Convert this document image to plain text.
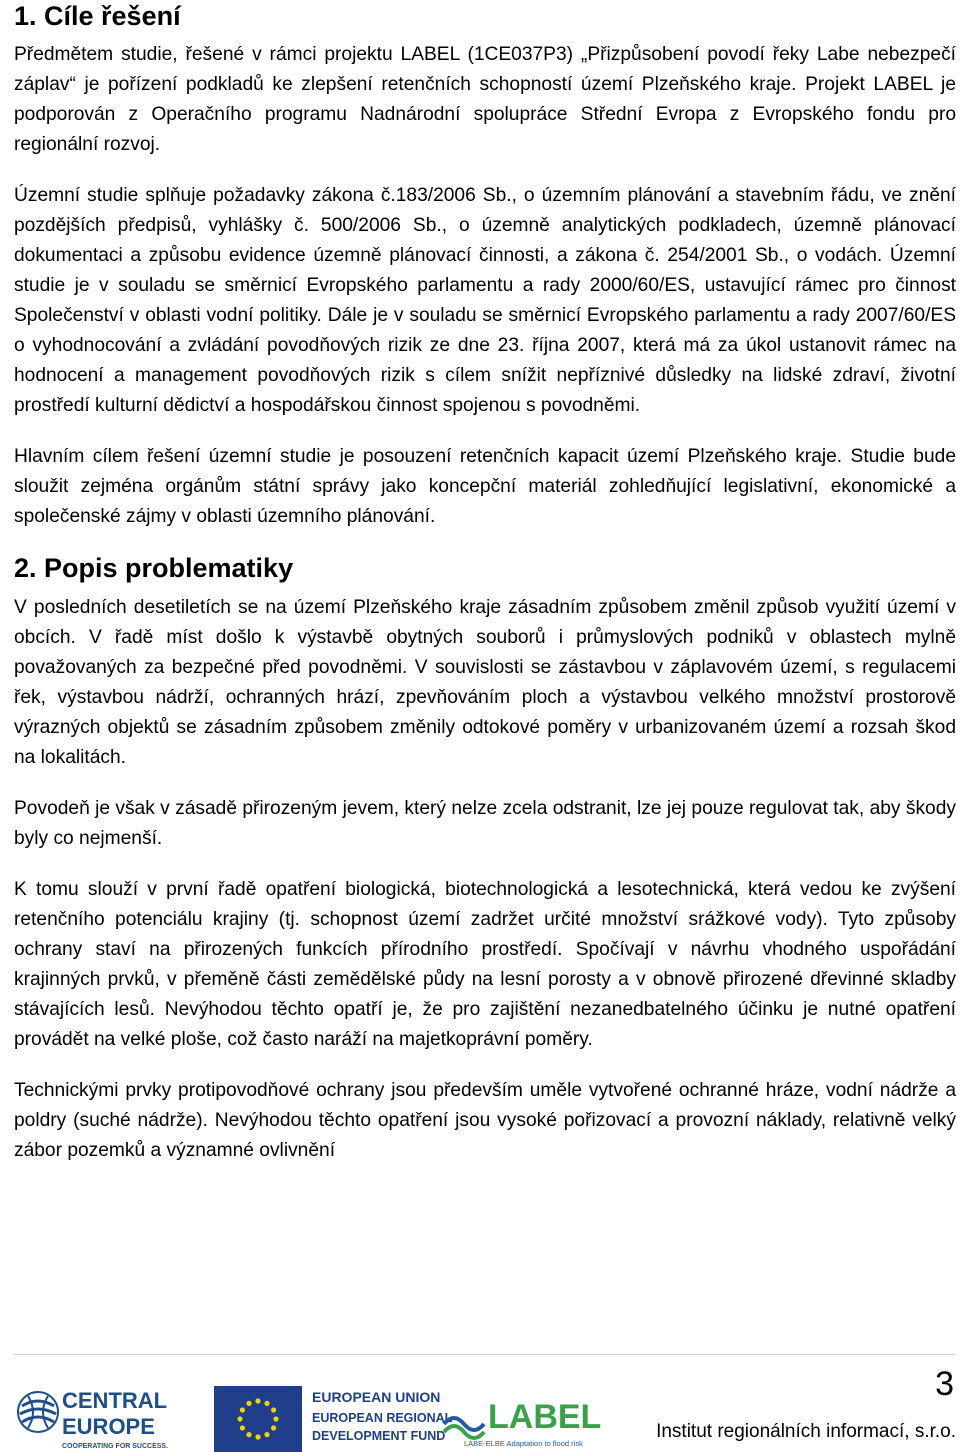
1. Cíle řešení

Předmětem studie, řešené v rámci projektu LABEL (1CE037P3) „Přizpůsobení povodí řeky Labe nebezpečí záplav“ je pořízení podkladů ke zlepšení retenčních schopností území Plzeňského kraje. Projekt LABEL je podporován z Operačního programu Nadnárodní spolupráce Střední Evropa z Evropského fondu pro regionální rozvoj.

Územní studie splňuje požadavky zákona č.183/2006 Sb., o územním plánování a stavebním řádu, ve znění pozdějších předpisů, vyhlášky č. 500/2006 Sb., o územně analytických podkladech, územně plánovací dokumentaci a způsobu evidence územně plánovací činnosti, a zákona č. 254/2001 Sb., o vodách. Územní studie je v souladu se směrnicí Evropského parlamentu a rady 2000/60/ES, ustavující rámec pro činnost Společenství v oblasti vodní politiky. Dále je v souladu se směrnicí Evropského parlamentu a rady 2007/60/ES o vyhodnocování a zvládání povodňových rizik ze dne 23. října 2007, která má za úkol ustanovit rámec na hodnocení a management povodňových rizik s cílem snížit nepříznivé důsledky na lidské zdraví, životní prostředí kulturní dědictví a hospodářskou činnost spojenou s povodněmi.

Hlavním cílem řešení územní studie je posouzení retenčních kapacit území Plzeňského kraje. Studie bude sloužit zejména orgánům státní správy jako koncepční materiál zohledňující legislativní, ekonomické a společenské zájmy v oblasti územního plánování.

2. Popis problematiky

V posledních desetiletích se na území Plzeňského kraje zásadním způsobem změnil způsob využití území v obcích. V řadě míst došlo k výstavbě obytných souborů i průmyslových podniků v oblastech mylně považovaných za bezpečné před povodněmi. V souvislosti se zástavbou v záplavovém území, s regulacemi řek, výstavbou nádrží, ochranných hrází, zpevňováním ploch a výstavbou velkého množství prostorově výrazných objektů se zásadním způsobem změnily odtokové poměry v urbanizovaném území a rozsah škod na lokalitách.

Povodeň je však v zásadě přirozeným jevem, který nelze zcela odstranit, lze jej pouze regulovat tak, aby škody byly co nejmenší.

K tomu slouží v první řadě opatření biologická, biotechnologická a lesotechnická, která vedou ke zvýšení retenčního potenciálu krajiny (tj. schopnost území zadržet určité množství srážkové vody). Tyto způsoby ochrany staví na přirozených funkcích přírodního prostředí. Spočívají v návrhu vhodného uspořádání krajinných prvků, v přeměně části zemědělské půdy na lesní porosty a v obnově přirozené dřevinné skladby stávajících lesů. Nevýhodou těchto opatří je, že pro zajištění nezanedbatelného účinku je nutné opatření provádět na velké ploše, což často naráží na majetkoprávní poměry.

Technickými prvky protipovodňové ochrany jsou především uměle vytvořené ochranné hráze, vodní nádrže a poldry (suché nádrže). Nevýhodou těchto opatření jsou vysoké pořizovací a provozní náklady, relativně velký zábor pozemků a významné ovlivnění

CENTRAL
EUROPE
COOPERATING FOR SUCCESS.
EUROPEAN UNION
EUROPEAN REGIONAL
DEVELOPMENT FUND LABEL
LABE-ELBE Adaptation to flood risk
3
Institut regionálních informací, s.r.o.
